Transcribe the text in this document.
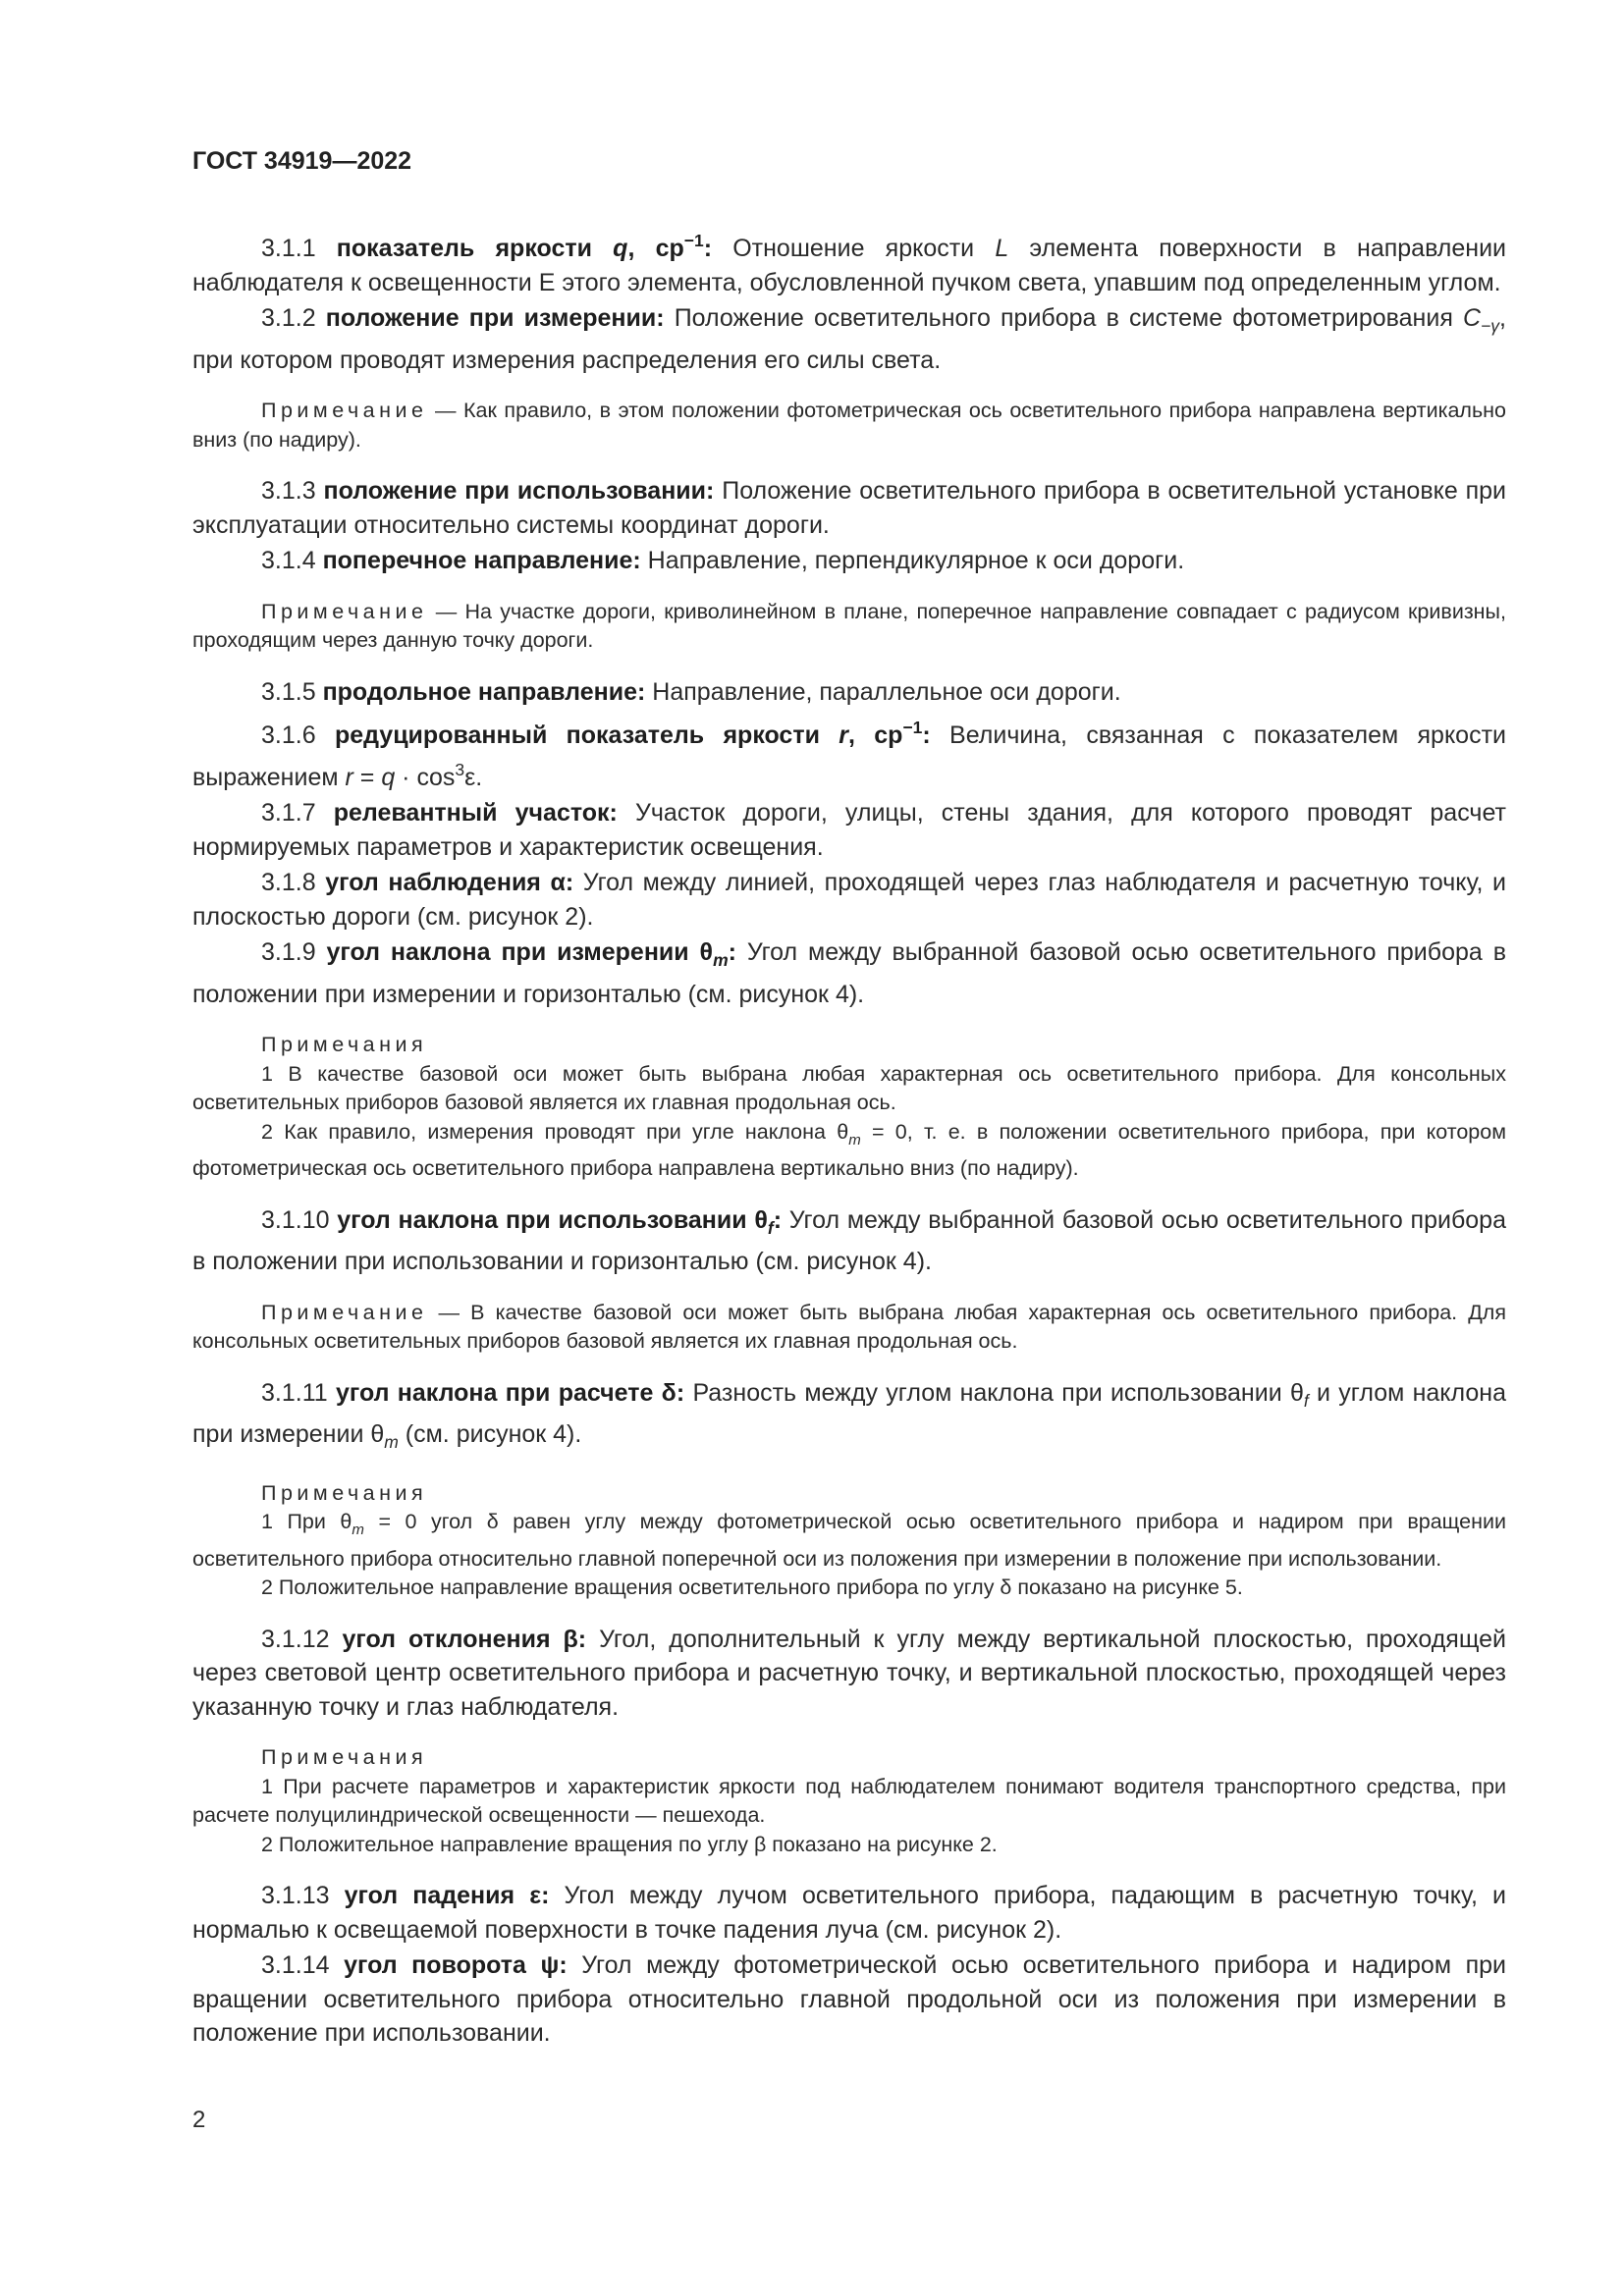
ГОСТ 34919—2022

3.1.1 показатель яркости q, $ср^{-1}$: Отношение яркости L элемента поверхности в направлении наблюдателя к освещенности Е этого элемента, обусловленной пучком света, упавшим под определенным углом.

3.1.2 положение при измерении: Положение осветительного прибора в системе фотометрирования $C_{-\gamma}$, при котором проводят измерения распределения его силы света.

Примечание — Как правило, в этом положении фотометрическая ось осветительного прибора направлена вертикально вниз (по надиру).

3.1.3 положение при использовании: Положение осветительного прибора в осветительной установке при эксплуатации относительно системы координат дороги.

3.1.4 поперечное направление: Направление, перпендикулярное к оси дороги.

Примечание — На участке дороги, криволинейном в плане, поперечное направление совпадает с радиусом кривизны, проходящим через данную точку дороги.

3.1.5 продольное направление: Направление, параллельное оси дороги.

3.1.6 редуцированный показатель яркости r, $ср^{-1}$: Величина, связанная с показателем яркости выражением $r = q \cdot \cos^3\varepsilon$.

3.1.7 релевантный участок: Участок дороги, улицы, стены здания, для которого проводят расчет нормируемых параметров и характеристик освещения.

3.1.8 угол наблюдения α: Угол между линией, проходящей через глаз наблюдателя и расчетную точку, и плоскостью дороги (см. рисунок 2).

3.1.9 угол наклона при измерении $\theta_m$: Угол между выбранной базовой осью осветительного прибора в положении при измерении и горизонталью (см. рисунок 4).

Примечания

1 В качестве базовой оси может быть выбрана любая характерная ось осветительного прибора. Для консольных осветительных приборов базовой является их главная продольная ось.

2 Как правило, измерения проводят при угле наклона $\theta_m = 0$, т. е. в положении осветительного прибора, при котором фотометрическая ось осветительного прибора направлена вертикально вниз (по надиру).

3.1.10 угол наклона при использовании $\theta_f$: Угол между выбранной базовой осью осветительного прибора в положении при использовании и горизонталью (см. рисунок 4).

Примечание — В качестве базовой оси может быть выбрана любая характерная ось осветительного прибора. Для консольных осветительных приборов базовой является их главная продольная ось.

3.1.11 угол наклона при расчете δ: Разность между углом наклона при использовании $\theta_f$ и углом наклона при измерении $\theta_m$ (см. рисунок 4).

Примечания

1 При $\theta_m = 0$ угол δ равен углу между фотометрической осью осветительного прибора и надиром при вращении осветительного прибора относительно главной поперечной оси из положения при измерении в положение при использовании.

2 Положительное направление вращения осветительного прибора по углу δ показано на рисунке 5.

3.1.12 угол отклонения β: Угол, дополнительный к углу между вертикальной плоскостью, проходящей через световой центр осветительного прибора и расчетную точку, и вертикальной плоскостью, проходящей через указанную точку и глаз наблюдателя.

Примечания

1 При расчете параметров и характеристик яркости под наблюдателем понимают водителя транспортного средства, при расчете полуцилиндрической освещенности — пешехода.

2 Положительное направление вращения по углу β показано на рисунке 2.

3.1.13 угол падения ε: Угол между лучом осветительного прибора, падающим в расчетную точку, и нормалью к освещаемой поверхности в точке падения луча (см. рисунок 2).

3.1.14 угол поворота ψ: Угол между фотометрической осью осветительного прибора и надиром при вращении осветительного прибора относительно главной продольной оси из положения при измерении в положение при использовании.

2
